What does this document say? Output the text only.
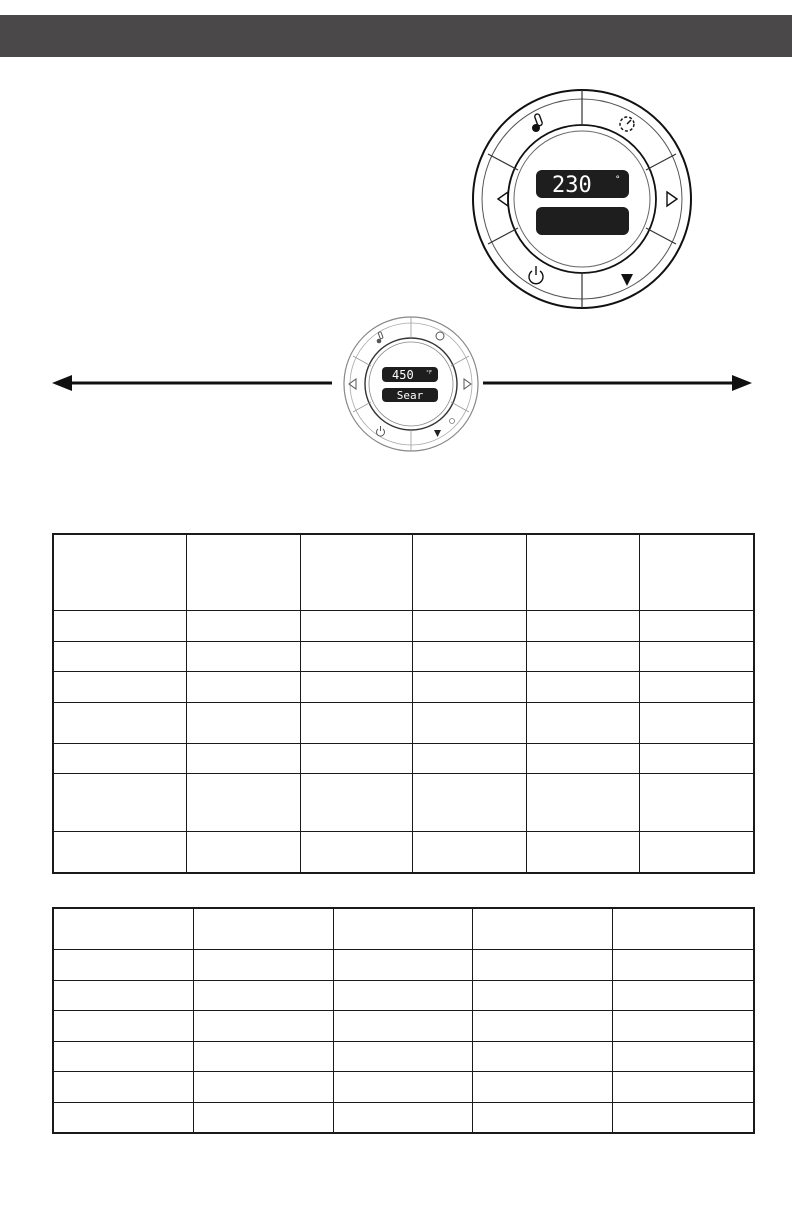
230	°
450 °F
Sear
